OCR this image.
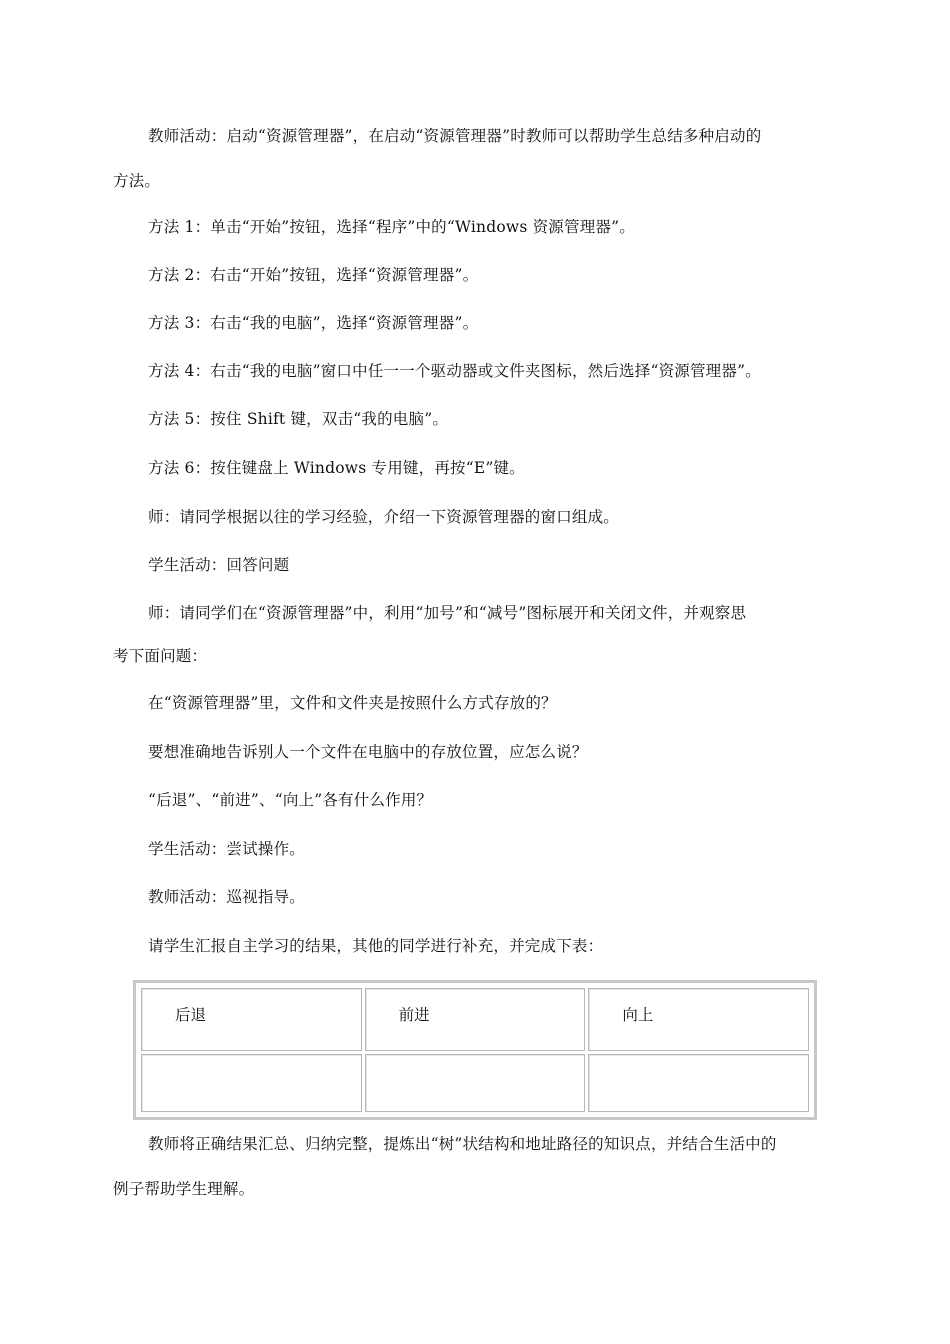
教师活动：启动“资源管理器”，在启动“资源管理器”时教师可以帮助学生总结多种启动的
方法。
方法 1：单击“开始”按钮，选择“程序”中的“Windows 资源管理器”。
方法 2：右击“开始”按钮，选择“资源管理器”。
方法 3：右击“我的电脑”，选择“资源管理器”。
方法 4：右击“我的电脑”窗口中任一一个驱动器或文件夹图标，然后选择“资源管理器”。
方法 5：按住 Shift 键，双击“我的电脑”。
方法 6：按住键盘上 Windows 专用键，再按“E”键。
师：请同学根据以往的学习经验，介绍一下资源管理器的窗口组成。
学生活动：回答问题
师：请同学们在“资源管理器”中，利用“加号”和“减号”图标展开和关闭文件，并观察思
考下面问题：
在“资源管理器”里，文件和文件夹是按照什么方式存放的？
要想准确地告诉别人一个文件在电脑中的存放位置，应怎么说？
“后退”、“前进”、“向上”各有什么作用？
学生活动：尝试操作。
教师活动：巡视指导。
请学生汇报自主学习的结果，其他的同学进行补充，并完成下表：
后退	前进	向上

教师将正确结果汇总、归纳完整，提炼出“树”状结构和地址路径的知识点，并结合生活中的
例子帮助学生理解。
